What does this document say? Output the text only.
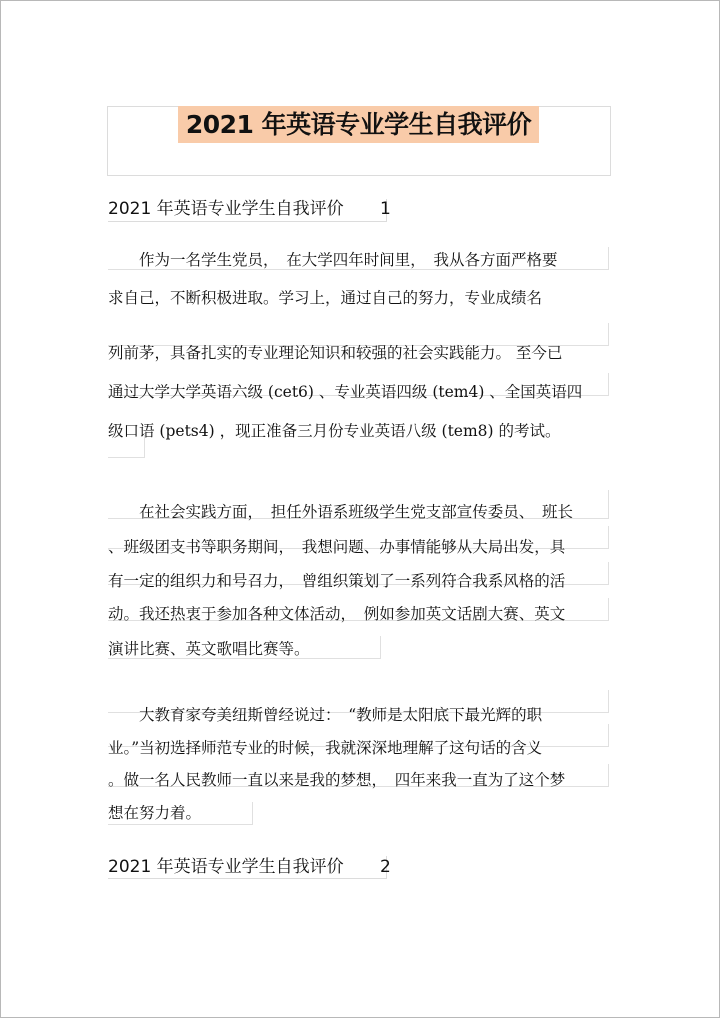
2021 年英语专业学生自我评价
2021 年英语专业学生自我评价 1
　　作为一名学生党员，　在大学四年时间里，　我从各方面严格要
求自己，不断积极进取。学习上，通过自己的努力，专业成绩名
列前茅，具备扎实的专业理论知识和较强的社会实践能力。 至今已
通过大学大学英语六级 (cet6) 、专业英语四级 (tem4) 、全国英语四
级口语 (pets4) ，现正准备三月份专业英语八级 (tem8) 的考试。
　　在社会实践方面，　担任外语系班级学生党支部宣传委员、　班长
、班级团支书等职务期间，　我想问题、办事情能够从大局出发，具
有一定的组织力和号召力，　曾组织策划了一系列符合我系风格的活
动。我还热衷于参加各种文体活动，　例如参加英文话剧大赛、英文
演讲比赛、英文歌唱比赛等。
　　大教育家夸美纽斯曾经说过：　“教师是太阳底下最光辉的职
业。”当初选择师范专业的时候，我就深深地理解了这句话的含义
。做一名人民教师一直以来是我的梦想，　四年来我一直为了这个梦
想在努力着。
2021 年英语专业学生自我评价 2
